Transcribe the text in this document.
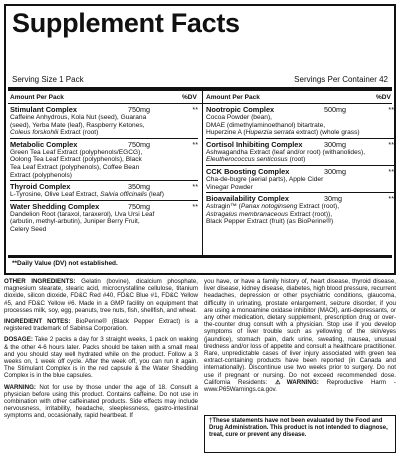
Supplement Facts
Serving Size 1 Pack	Servings Per Container 42
Amount Per Pack	%DV Amount Per Pack	%DV
Stimulant Complex	750mg	**
Caffeine Anhydrous, Kola Nut (seed), Guarana
(seed), Yerba Mate (leaf), Raspberry Ketones,
Coleus forskohlii Extract (root)
Metabolic Complex	750mg	**
Green Tea Leaf Extract (polyphenols/EGCG),
Oolong Tea Leaf Extract (polyphenols), Black
Tea Leaf Extract (polyphenols), Coffee Bean
Extract (polyphenols)
Thyroid Complex	350mg	**
L-Tyrosine, Olive Leaf Extract, Salvia officinalis (leaf)
Water Shedding Complex	750mg	**
Dandelion Root (taraxol, taraxerol), Uva Ursi Leaf
(arbutin, methyl-arbutin), Juniper Berry Fruit,
Celery Seed
Nootropic Complex	500mg	**
Cocoa Powder (bean),
DMAE (dimethylaminoethanol) bitartrate,
Huperzine A (Huperzia serrata extract) (whole grass)
Cortisol Inhibiting Complex	300mg	**
Ashwagandha Extract (leaf and/or root) (withanolides),
Eleutherococcus senticosus (root)
CCK Boosting Complex	300mg	**
Cha-de-bugre (aerial parts), Apple Cider
Vinegar Powder
Bioavailability Complex	30mg	**
Astragin™ (Panax notoginseng Extract (root),
Astragalus membranaceous Extract (root)),
Black Pepper Extract (fruit) (as BioPerine®)
**Daily Value (DV) not established.

OTHER INGREDIENTS: Gelatin (bovine), dicalcium phosphate, magnesium stearate, stearic acid, microcrystalline cellulose, titanium dioxide, silicon dioxide, FD&C Red #40, FD&C Blue #1, FD&C Yellow #5, and FD&C Yellow #6. Made in a GMP facility on equipment that processes milk, soy, egg, peanuts, tree nuts, fish, shellfish, and wheat.

INGREDIENT NOTES: BioPerine® (Black Pepper Extract) is a registered trademark of Sabinsa Corporation.

DOSAGE: Take 2 packs a day for 3 straight weeks, 1 pack on waking & the other 4-6 hours later. Packs should be taken with a small meal and you should stay well hydrated while on the product. Follow a 3 weeks on, 1 week off cycle. After the week off, you can run it again. The Stimulant Complex is in the red capsule & the Water Shedding Complex is in the blue capsules.

WARNING: Not for use by those under the age of 18. Consult a physician before using this product. Contains caffeine. Do not use in combination with other caffeinated products. Side effects may include nervousness, irritability, headache, sleeplessness, gastro-intestinal symptoms and, occasionally, rapid heartbeat. If

you have, or have a family history of, heart disease, thyroid disease, liver disease, kidney disease, diabetes, high blood pressure, recurrent headaches, depression or other psychiatric conditions, glaucoma, difficulty in urinating, prostate enlargement, seizure disorder, if you are using a monoamine oxidase inhibitor (MAOI), anti-depressants, or any other medication, dietary supplement, prescription drug or over-the-counter drug consult with a physician. Stop use if you develop symptoms of liver trouble such as yellowing of the skin/eyes (jaundice), stomach pain, dark urine, sweating, nausea, unusual tiredness and/or loss of appetite and consult a healthcare practitioner. Rare, unpredictable cases of liver injury associated with green tea extract-containing products have been reported (in Canada and internationally). Discontinue use two weeks prior to surgery. Do not use if pregnant or nursing. Do not exceed recommended dose. California Residents: ⚠WARNING: Reproductive Harm - www.P65Warnings.ca.gov.

†These statements have not been evaluated by the Food and Drug Administration. This product is not intended to diagnose, treat, cure or prevent any disease.
